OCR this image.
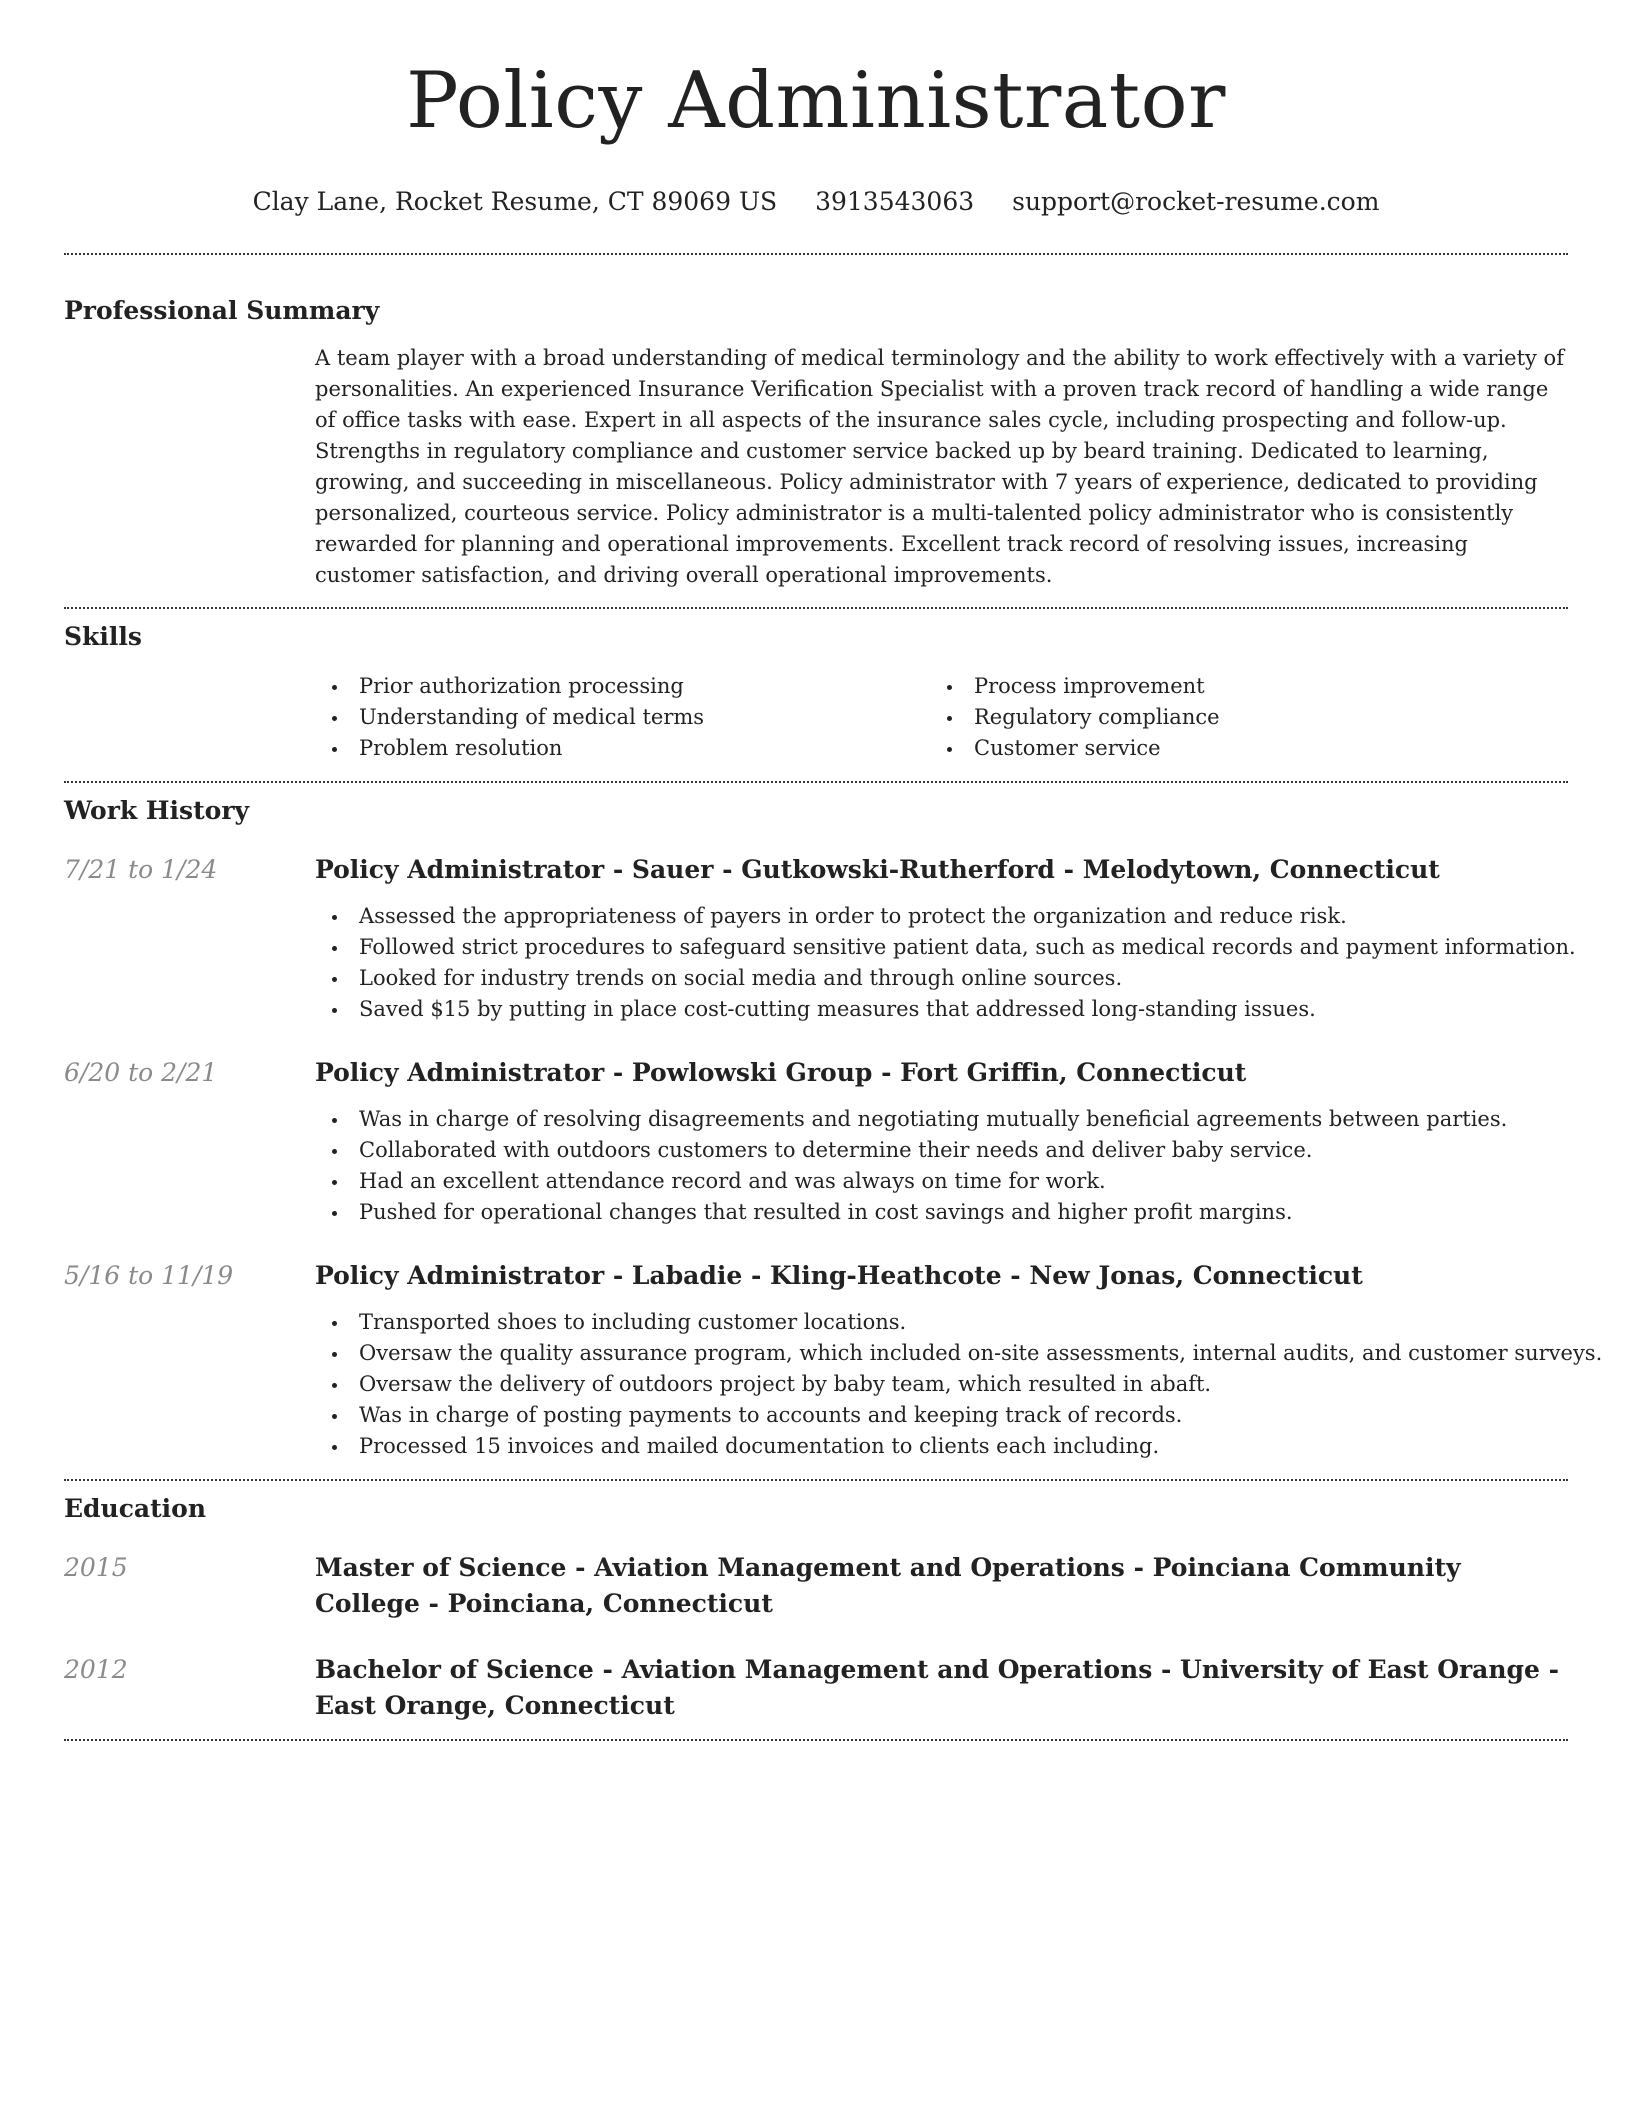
Policy Administrator
Clay Lane, Rocket Resume, CT 89069 US 3913543063 support@rocket-resume.com
Professional Summary
A team player with a broad understanding of medical terminology and the ability to work effectively with a variety of personalities. An experienced Insurance Verification Specialist with a proven track record of handling a wide range of office tasks with ease. Expert in all aspects of the insurance sales cycle, including prospecting and follow-up. Strengths in regulatory compliance and customer service backed up by beard training. Dedicated to learning, growing, and succeeding in miscellaneous. Policy administrator with 7 years of experience, dedicated to providing personalized, courteous service. Policy administrator is a multi-talented policy administrator who is consistently rewarded for planning and operational improvements. Excellent track record of resolving issues, increasing customer satisfaction, and driving overall operational improvements.
Skills
Prior authorization processing
Understanding of medical terms
Problem resolution
Process improvement
Regulatory compliance
Customer service
Work History
7/21 to 1/24	Policy Administrator - Sauer - Gutkowski-Rutherford - Melodytown, Connecticut
Assessed the appropriateness of payers in order to protect the organization and reduce risk.
Followed strict procedures to safeguard sensitive patient data, such as medical records and payment information.
Looked for industry trends on social media and through online sources.
Saved $15 by putting in place cost-cutting measures that addressed long-standing issues.
6/20 to 2/21	Policy Administrator - Powlowski Group - Fort Griffin, Connecticut
Was in charge of resolving disagreements and negotiating mutually beneficial agreements between parties.
Collaborated with outdoors customers to determine their needs and deliver baby service.
Had an excellent attendance record and was always on time for work.
Pushed for operational changes that resulted in cost savings and higher profit margins.
5/16 to 11/19	Policy Administrator - Labadie - Kling-Heathcote - New Jonas, Connecticut
Transported shoes to including customer locations.
Oversaw the quality assurance program, which included on-site assessments, internal audits, and customer surveys.
Oversaw the delivery of outdoors project by baby team, which resulted in abaft.
Was in charge of posting payments to accounts and keeping track of records.
Processed 15 invoices and mailed documentation to clients each including.
Education
2015	Master of Science - Aviation Management and Operations - Poinciana Community College - Poinciana, Connecticut
2012	Bachelor of Science - Aviation Management and Operations - University of East Orange - East Orange, Connecticut
